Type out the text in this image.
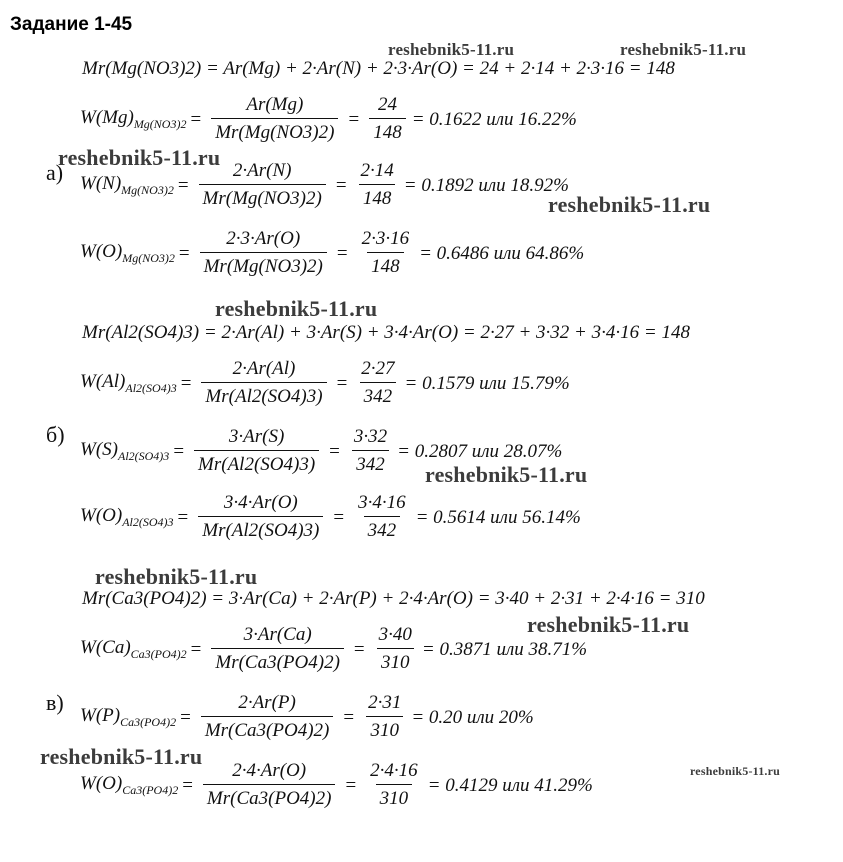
Задание 1-45
reshebnik5-11.ru	reshebnik5-11.ru
reshebnik5-11.ru
reshebnik5-11.ru
reshebnik5-11.ru
reshebnik5-11.ru
reshebnik5-11.ru
reshebnik5-11.ru
reshebnik5-11.ru
reshebnik5-11.ru
а)
б)
в)
Mr(Mg(NO3)2) = Ar(Mg) + 2·Ar(N) + 2·3·Ar(O) = 24 + 2·14 + 2·3·16 = 148
$W(Mg)_{Mg(NO3)2} = \frac{Ar(Mg)}{Mr(Mg(NO3)2)} = \frac{24}{148} = 0.1622$ или 16.22%
$W(N)_{Mg(NO3)2} = \frac{2\cdot Ar(N)}{Mr(Mg(NO3)2)} = \frac{2\cdot 14}{148} = 0.1892$ или 18.92%
$W(O)_{Mg(NO3)2} = \frac{2\cdot 3\cdot Ar(O)}{Mr(Mg(NO3)2)} = \frac{2\cdot 3\cdot 16}{148} = 0.6486$ или 64.86%
Mr(Al2(SO4)3) = 2·Ar(Al) + 3·Ar(S) + 3·4·Ar(O) = 2·27 + 3·32 + 3·4·16 = 148
$W(Al)_{Al2(SO4)3} = \frac{2\cdot Ar(Al)}{Mr(Al2(SO4)3)} = \frac{2\cdot 27}{342} = 0.1579$ или 15.79%
$W(S)_{Al2(SO4)3} = \frac{3\cdot Ar(S)}{Mr(Al2(SO4)3)} = \frac{3\cdot 32}{342} = 0.2807$ или 28.07%
$W(O)_{Al2(SO4)3} = \frac{3\cdot 4\cdot Ar(O)}{Mr(Al2(SO4)3)} = \frac{3\cdot 4\cdot 16}{342} = 0.5614$ или 56.14%
Mr(Ca3(PO4)2) = 3·Ar(Ca) + 2·Ar(P) + 2·4·Ar(O) = 3·40 + 2·31 + 2·4·16 = 310
$W(Ca)_{Ca3(PO4)2} = \frac{3\cdot Ar(Ca)}{Mr(Ca3(PO4)2)} = \frac{3\cdot 40}{310} = 0.3871$ или 38.71%
$W(P)_{Ca3(PO4)2} = \frac{2\cdot Ar(P)}{Mr(Ca3(PO4)2)} = \frac{2\cdot 31}{310} = 0.20$ или 20%
$W(O)_{Ca3(PO4)2} = \frac{2\cdot 4\cdot Ar(O)}{Mr(Ca3(PO4)2)} = \frac{2\cdot 4\cdot 16}{310} = 0.4129$ или 41.29%
